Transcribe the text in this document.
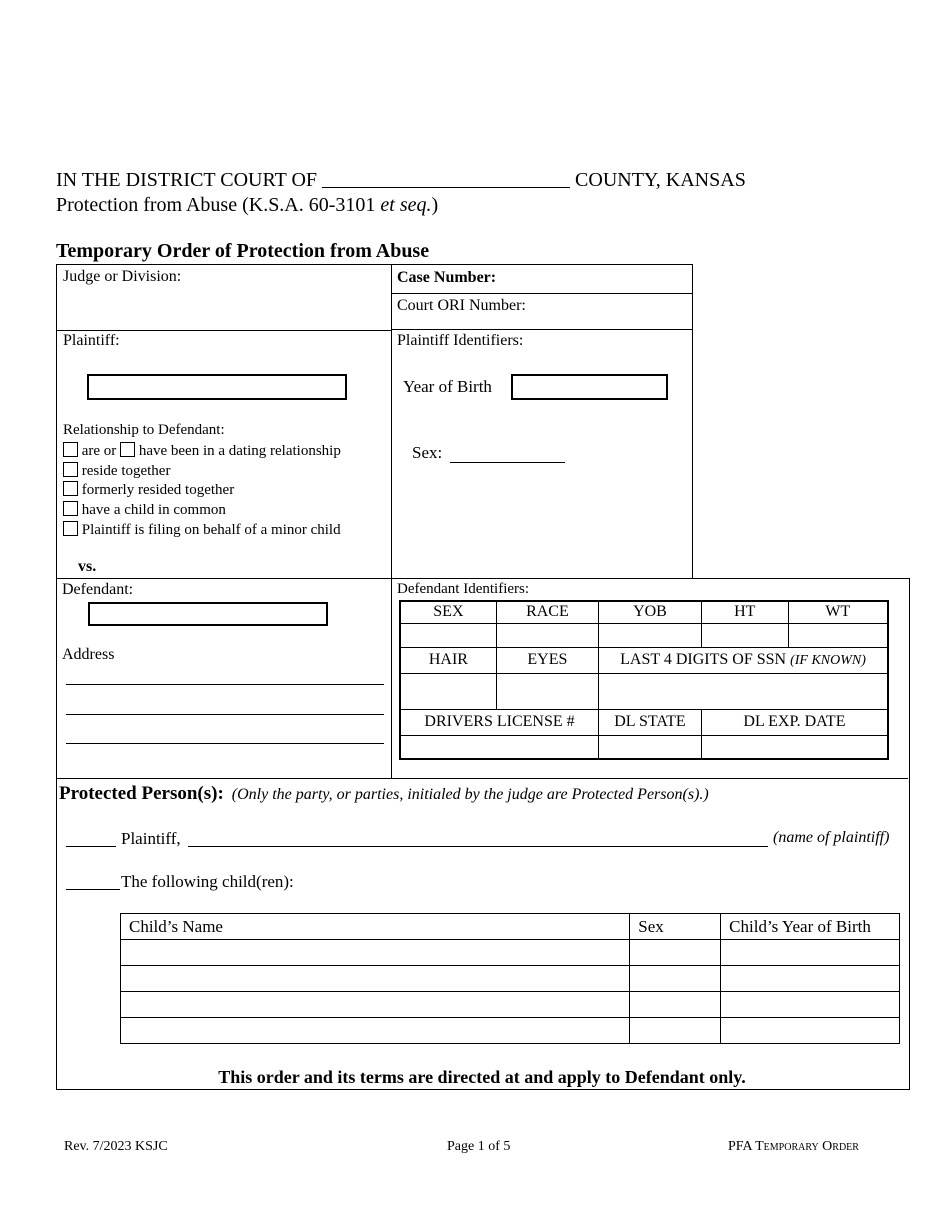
IN THE DISTRICT COURT OF	COUNTY, KANSAS
Protection from Abuse (K.S.A. 60-3101 et seq.)
Temporary Order of Protection from Abuse
Judge or Division:	Case Number:
Court ORI Number:
Plaintiff:
Relationship to Defendant:
are or have been in a dating relationship
reside together
formerly resided together
have a child in common
Plaintiff is filing on behalf of a minor child
vs.
Plaintiff Identifiers:
Year of Birth
Sex:
Defendant:
Address
Defendant Identifiers:
SEX	RACE	YOB	HT	WT

HAIR	EYES	LAST 4 DIGITS OF SSN (IF KNOWN)		

DRIVERS LICENSE #		DL STATE	DL EXP. DATE	

Protected Person(s): (Only the party, or parties, initialed by the judge are Protected Person(s).)
Plaintiff,	(name of plaintiff)
The following child(ren):
Child’s Name	Sex	Child’s Year of Birth

This order and its terms are directed at and apply to Defendant only.
Rev. 7/2023 KSJC	Page 1 of 5	PFA Temporary Order
